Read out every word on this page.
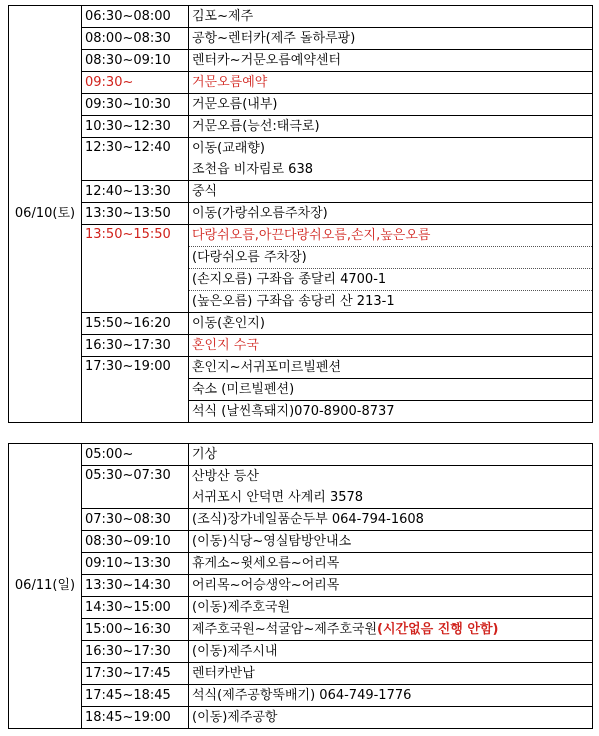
06/10(토)	06:30~08:00	김포~제주
	08:00~08:30	공항~렌터카(제주 돌하루팡)
	08:30~09:10	렌터카~거문오름예약센터
	09:30~	거문오름예약
	09:30~10:30	거문오름(내부)
	10:30~12:30	거문오름(능선:태극로)
	12:30~12:40	이동(교래향)
		조천읍 비자림로 638
	12:40~13:30	중식
	13:30~13:50	이동(가랑쉬오름주차장)
	13:50~15:50	다랑쉬오름,아끈다랑쉬오름,손지,높은오름
		(다랑쉬오름 주차장)
		(손지오름) 구좌읍 종달리 4700-1
		(높은오름) 구좌읍 송당리 산 213-1
	15:50~16:20	이동(혼인지)
	16:30~17:30	혼인지 수국
	17:30~19:00	혼인지~서귀포미르빌펜션
		숙소 (미르빌펜션)
		석식 (날씬흑돼지)070-8900-8737
06/11(일)	05:00~	기상
	05:30~07:30	산방산 등산
		서귀포시 안덕면 사계리 3578
	07:30~08:30	(조식)장가네일품순두부 064-794-1608
	08:30~09:10	(이동)식당~영실탐방안내소
	09:10~13:30	휴게소~윗세오름~어리목
	13:30~14:30	어리목~어승생악~어리목
	14:30~15:00	(이동)제주호국원
	15:00~16:30	제주호국원~석굴암~제주호국원(시간없음 진행 안함)
	16:30~17:30	(이동)제주시내
	17:30~17:45	렌터카반납
	17:45~18:45	석식(제주공항뚝배기) 064-749-1776
	18:45~19:00	(이동)제주공항
